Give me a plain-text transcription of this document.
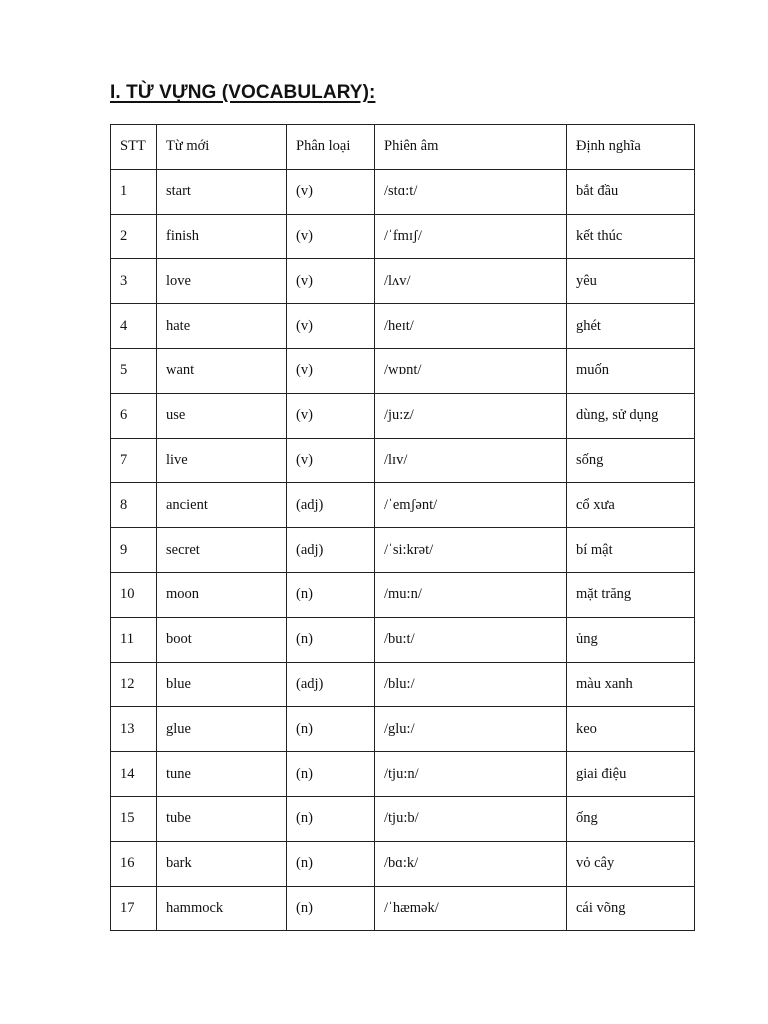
I. TỪ VỰNG (VOCABULARY):
STT	Từ mới	Phân loại	Phiên âm	Định nghĩa
1	start	(v)	/stɑ:t/	bắt đầu
2	finish	(v)	/ˈfmɪʃ/	kết thúc
3	love	(v)	/lʌv/	yêu
4	hate	(v)	/heɪt/	ghét
5	want	(v)	/wɒnt/	muốn
6	use	(v)	/ju:z/	dùng, sử dụng
7	live	(v)	/lɪv/	sống
8	ancient	(adj)	/ˈemʃənt/	cổ xưa
9	secret	(adj)	/ˈsi:krət/	bí mật
10	moon	(n)	/mu:n/	mặt trăng
11	boot	(n)	/bu:t/	ủng
12	blue	(adj)	/blu:/	màu xanh
13	glue	(n)	/glu:/	keo
14	tune	(n)	/tju:n/	giai điệu
15	tube	(n)	/tju:b/	ống
16	bark	(n)	/bɑ:k/	vỏ cây
17	hammock	(n)	/ˈhæmək/	cái võng
